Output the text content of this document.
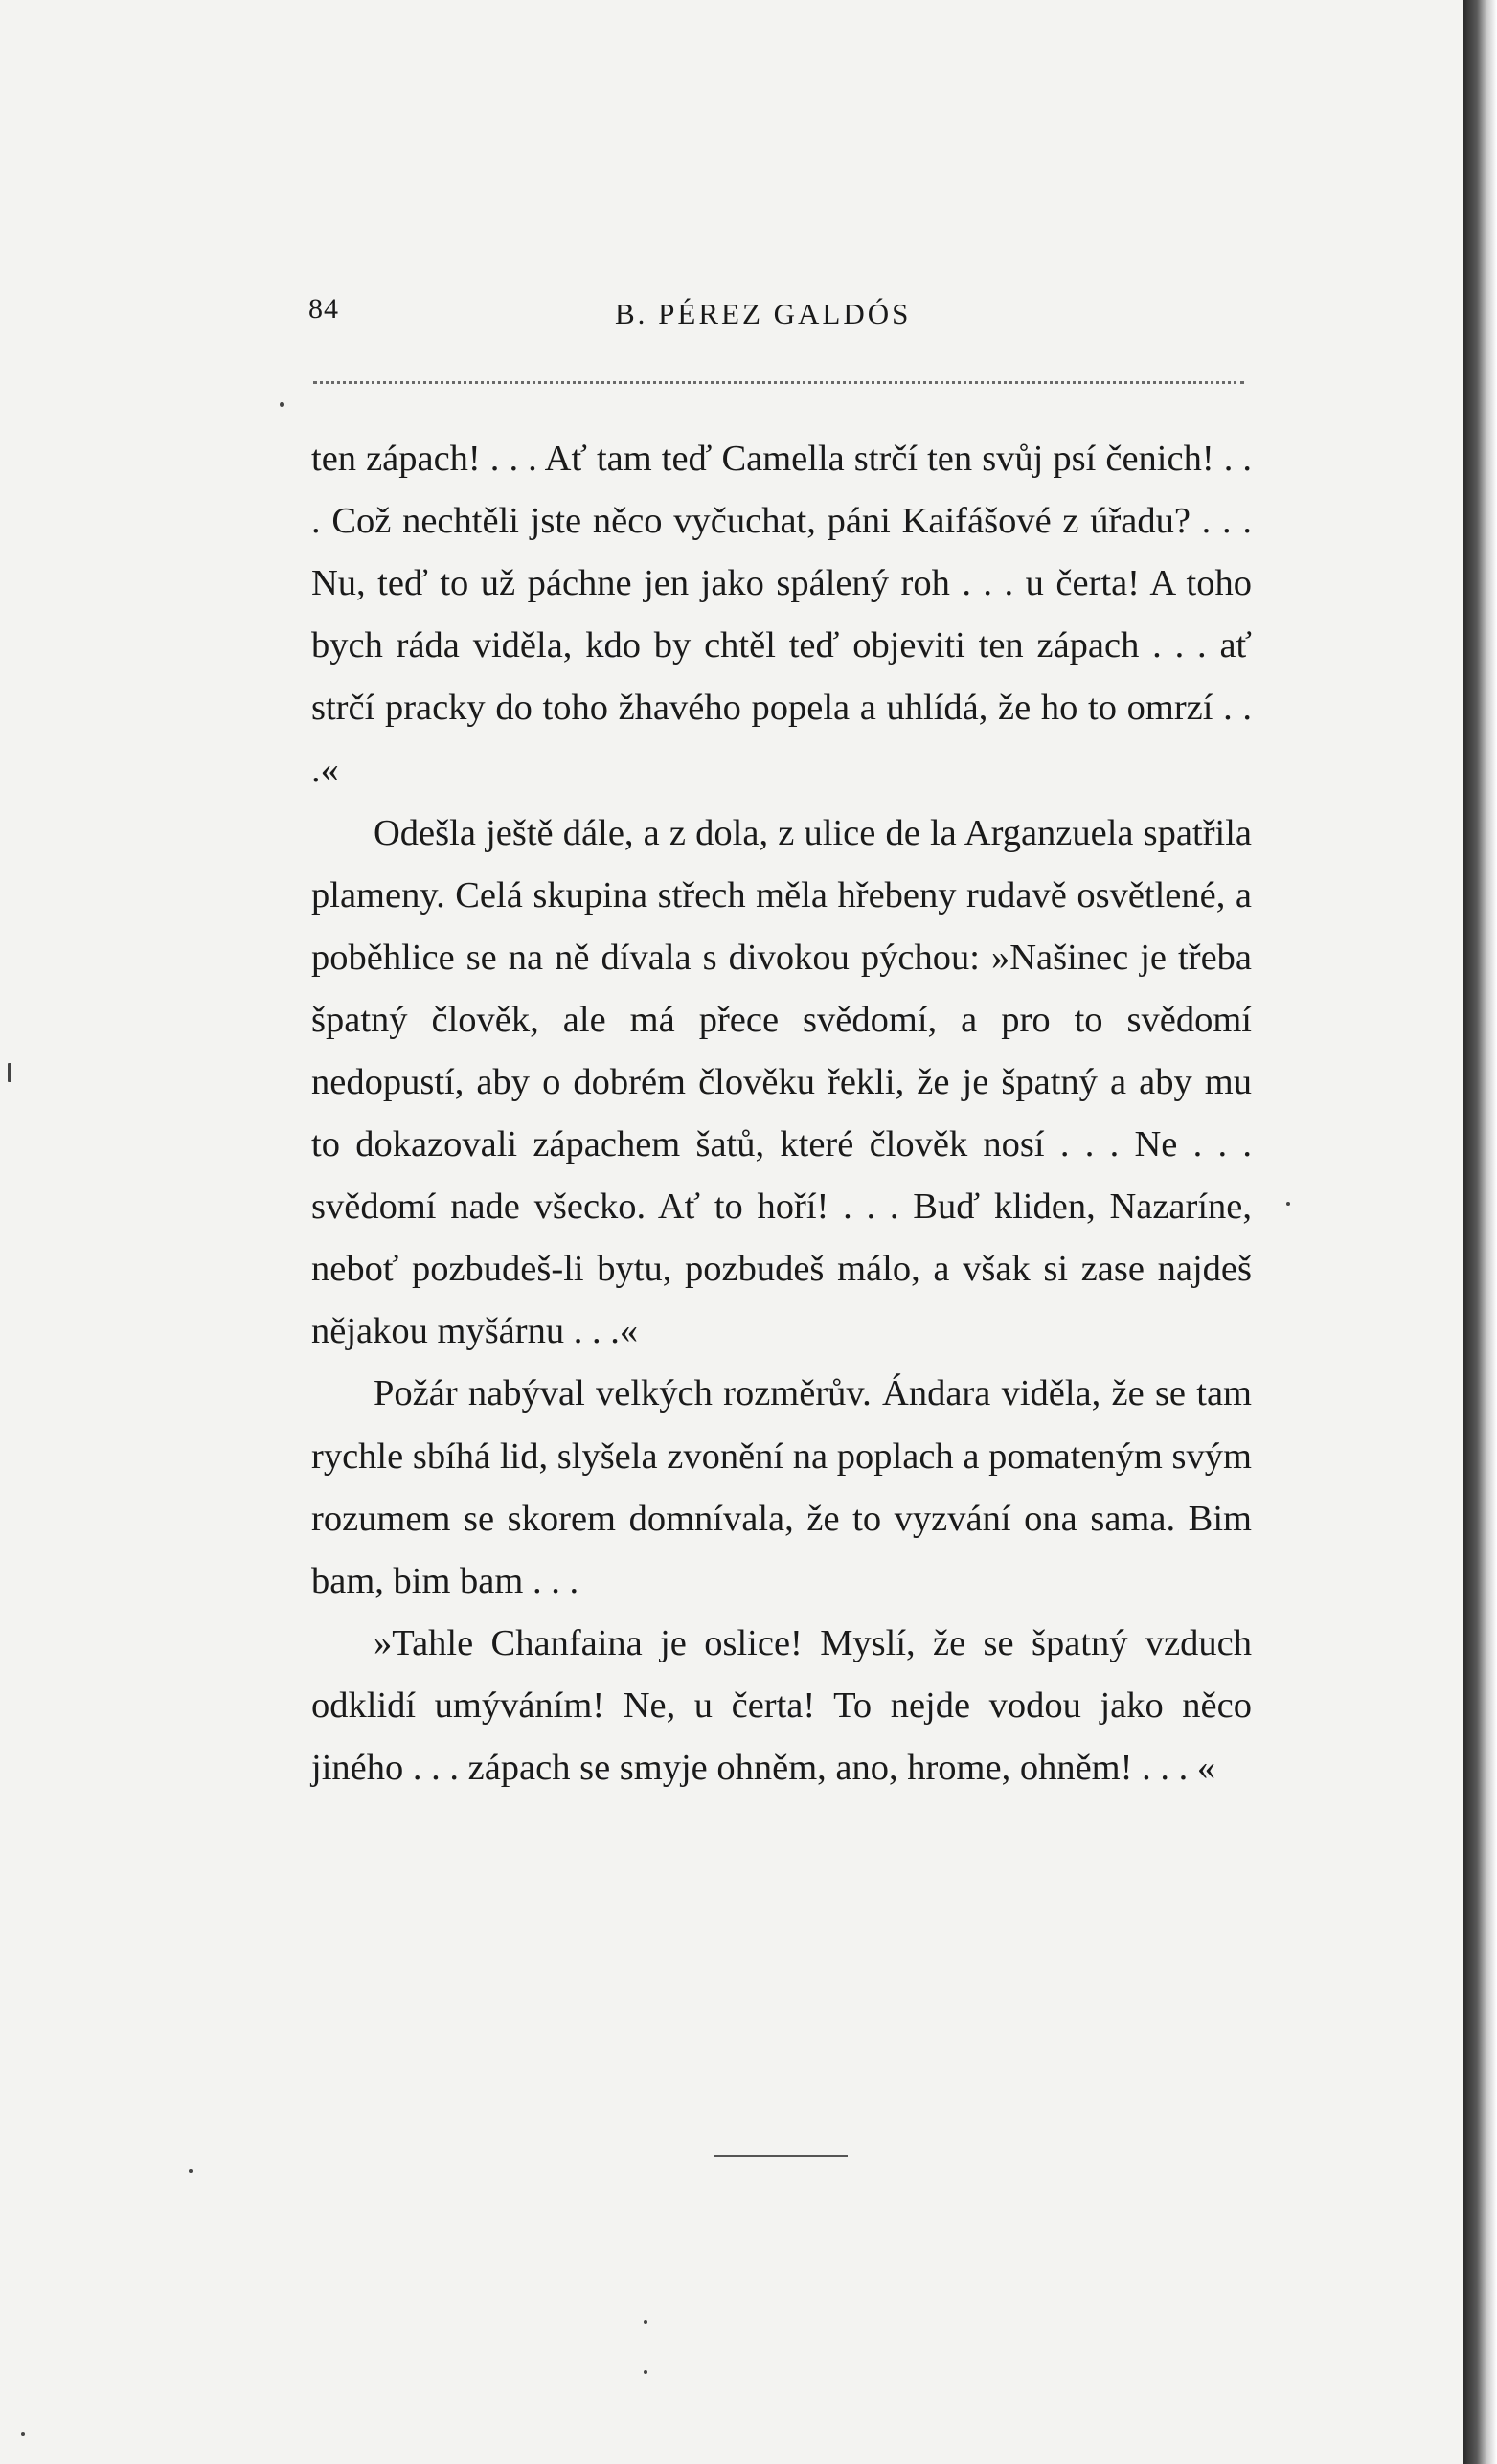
84	B. PÉREZ GALDÓS

ten zápach! . . . Ať tam teď Camella strčí ten svůj psí čenich! . . . Což nechtěli jste něco vyčuchat, páni Kaifášové z úřadu? . . . Nu, teď to už páchne jen jako spálený roh . . . u čerta! A toho bych ráda viděla, kdo by chtěl teď objeviti ten zápach . . . ať strčí pracky do toho žhavého popela a uhlídá, že ho to omrzí . . .«

Odešla ještě dále, a z dola, z ulice de la Arganzuela spatřila plameny. Celá skupina střech měla hřebeny rudavě osvětlené, a poběhlice se na ně dívala s divokou pýchou: »Našinec je třeba špatný člověk, ale má přece svědomí, a pro to svědomí nedopustí, aby o dobrém člověku řekli, že je špatný a aby mu to dokazovali zápachem šatů, které člověk nosí . . . Ne . . . svědomí nade všecko. Ať to hoří! . . . Buď kliden, Nazaríne, neboť pozbudeš-li bytu, pozbudeš málo, a však si zase najdeš nějakou myšárnu . . .«

Požár nabýval velkých rozměrův. Ándara viděla, že se tam rychle sbíhá lid, slyšela zvonění na poplach a pomateným svým rozumem se skorem domnívala, že to vyzvání ona sama. Bim bam, bim bam . . .

»Tahle Chanfaina je oslice! Myslí, že se špatný vzduch odklidí umýváním! Ne, u čerta! To nejde vodou jako něco jiného . . . zápach se smyje ohněm, ano, hrome, ohněm! . . . «
